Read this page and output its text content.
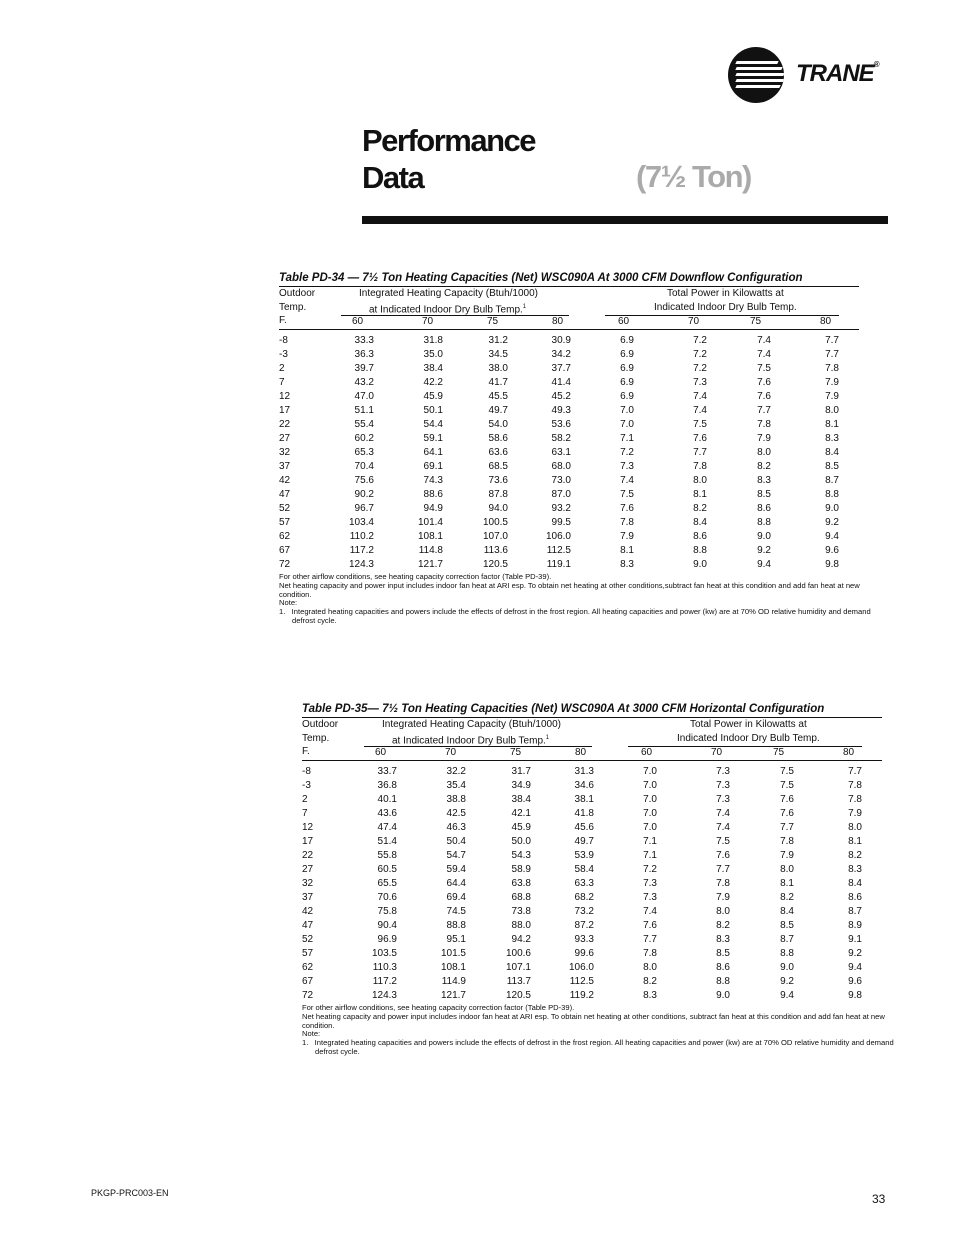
TRANE®
Performance
Data	(7½ Ton)
Table PD-34 — 7½ Ton Heating Capacities (Net) WSC090A At 3000 CFM Downflow Configuration
Outdoor
Temp.
F.
Integrated Heating Capacity (Btuh/1000)
at Indicated Indoor Dry Bulb Temp.$^1$
Total Power in Kilowatts at
Indicated Indoor Dry Bulb Temp.
60	70	75	80	60	70	75	80
-8	33.3	31.8	31.2	30.9	6.9	7.2	7.4	7.7
-3	36.3	35.0	34.5	34.2	6.9	7.2	7.4	7.7
2	39.7	38.4	38.0	37.7	6.9	7.2	7.5	7.8
7	43.2	42.2	41.7	41.4	6.9	7.3	7.6	7.9
12	47.0	45.9	45.5	45.2	6.9	7.4	7.6	7.9
17	51.1	50.1	49.7	49.3	7.0	7.4	7.7	8.0
22	55.4	54.4	54.0	53.6	7.0	7.5	7.8	8.1
27	60.2	59.1	58.6	58.2	7.1	7.6	7.9	8.3
32	65.3	64.1	63.6	63.1	7.2	7.7	8.0	8.4
37	70.4	69.1	68.5	68.0	7.3	7.8	8.2	8.5
42	75.6	74.3	73.6	73.0	7.4	8.0	8.3	8.7
47	90.2	88.6	87.8	87.0	7.5	8.1	8.5	8.8
52	96.7	94.9	94.0	93.2	7.6	8.2	8.6	9.0
57	103.4	101.4	100.5	99.5	7.8	8.4	8.8	9.2
62	110.2	108.1	107.0	106.0	7.9	8.6	9.0	9.4
67	117.2	114.8	113.6	112.5	8.1	8.8	9.2	9.6
72	124.3	121.7	120.5	119.1	8.3	9.0	9.4	9.8

For other airflow conditions, see heating capacity correction factor (Table PD-39).

Net heating capacity and power input includes indoor fan heat at ARI esp. To obtain net heating at other conditions,subtract fan heat at this condition and add fan heat at new condition.

Note:

1.   Integrated heating capacities and powers include the effects of defrost in the frost region. All heating capacities and power (kw) are at 70% OD relative humidity and demand defrost cycle.

Table PD-35— 7½ Ton Heating Capacities (Net) WSC090A At 3000 CFM Horizontal Configuration
Outdoor
Temp.
F.
Integrated Heating Capacity (Btuh/1000)
at Indicated Indoor Dry Bulb Temp.$^1$
Total Power in Kilowatts at
Indicated Indoor Dry Bulb Temp.
60	70	75	80	60	70	75	80
-8	33.7	32.2	31.7	31.3	7.0	7.3	7.5	7.7
-3	36.8	35.4	34.9	34.6	7.0	7.3	7.5	7.8
2	40.1	38.8	38.4	38.1	7.0	7.3	7.6	7.8
7	43.6	42.5	42.1	41.8	7.0	7.4	7.6	7.9
12	47.4	46.3	45.9	45.6	7.0	7.4	7.7	8.0
17	51.4	50.4	50.0	49.7	7.1	7.5	7.8	8.1
22	55.8	54.7	54.3	53.9	7.1	7.6	7.9	8.2
27	60.5	59.4	58.9	58.4	7.2	7.7	8.0	8.3
32	65.5	64.4	63.8	63.3	7.3	7.8	8.1	8.4
37	70.6	69.4	68.8	68.2	7.3	7.9	8.2	8.6
42	75.8	74.5	73.8	73.2	7.4	8.0	8.4	8.7
47	90.4	88.8	88.0	87.2	7.6	8.2	8.5	8.9
52	96.9	95.1	94.2	93.3	7.7	8.3	8.7	9.1
57	103.5	101.5	100.6	99.6	7.8	8.5	8.8	9.2
62	110.3	108.1	107.1	106.0	8.0	8.6	9.0	9.4
67	117.2	114.9	113.7	112.5	8.2	8.8	9.2	9.6
72	124.3	121.7	120.5	119.2	8.3	9.0	9.4	9.8

For other airflow conditions, see heating capacity correction factor (Table PD-39).

Net heating capacity and power input includes indoor fan heat at ARI esp. To obtain net heating at other conditions, subtract fan heat at this condition and add fan heat at new condition.

Note:

1.   Integrated heating capacities and powers include the effects of defrost in the frost region. All heating capacities and power (kw) are at 70% OD relative humidity and demand defrost cycle.

PKGP-PRC003-EN	33
